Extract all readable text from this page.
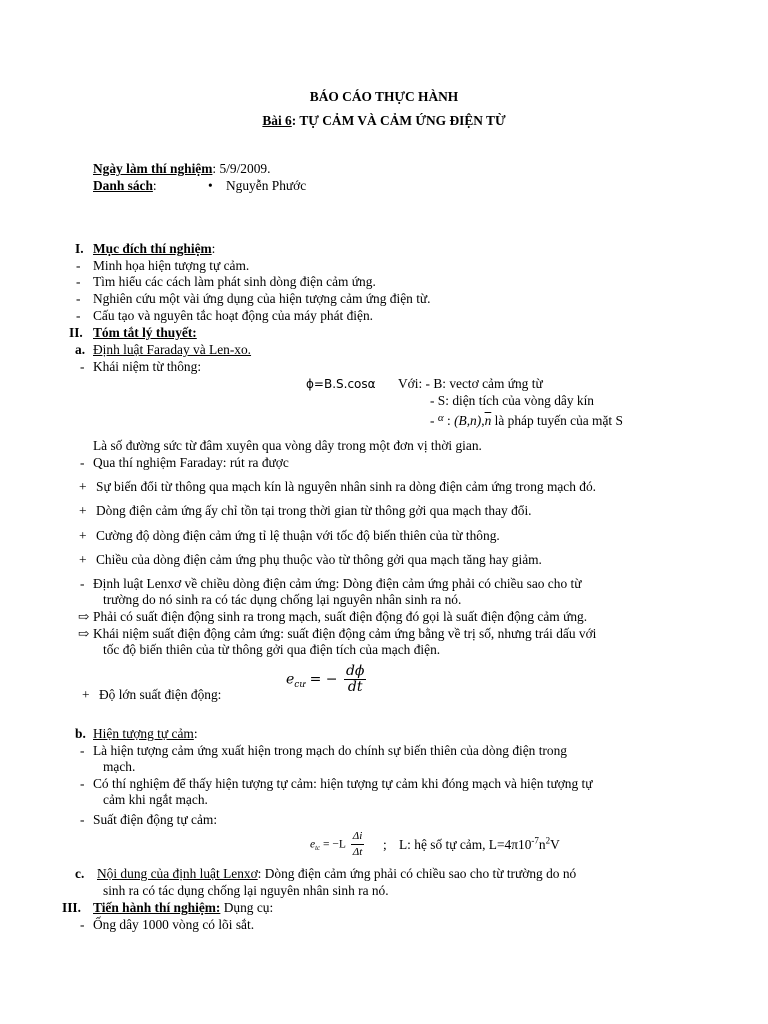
BÁO CÁO THỰC HÀNH
Bài 6: TỰ CẢM VÀ CẢM ỨNG ĐIỆN TỪ
Ngày làm thí nghiệm: 5/9/2009.
Danh sách:	• Nguyễn Phước
I. Mục đích thí nghiệm:
- Minh họa hiện tượng tự cảm.
- Tìm hiểu các cách làm phát sinh dòng điện cảm ứng.
- Nghiên cứu một vài ứng dụng của hiện tượng cảm ứng điện từ.
- Cấu tạo và nguyên tắc hoạt động của máy phát điện.
II. Tóm tắt lý thuyết:
a. Định luật Faraday và Len-xo.
- Khái niệm từ thông:
ϕ=B.S.cosα Với: - B: vectơ cảm ứng từ
- S: diện tích của vòng dây kín
- $^\alpha$ : $(B,n),\overline{n}$ là pháp tuyến của mặt S
Là số đường sức từ đâm xuyên qua vòng dây trong một đơn vị thời gian.
- Qua thí nghiệm Faraday: rút ra được
+ Sự biến đổi từ thông qua mạch kín là nguyên nhân sinh ra dòng điện cảm ứng trong mạch đó.
+ Dòng điện cảm ứng ấy chỉ tồn tại trong thời gian từ thông gởi qua mạch thay đổi.
+ Cường độ dòng điện cảm ứng tỉ lệ thuận với tốc độ biến thiên của từ thông.
+ Chiều của dòng điện cảm ứng phụ thuộc vào từ thông gởi qua mạch tăng hay giảm.
- Định luật Lenxơ về chiều dòng điện cảm ứng: Dòng điện cảm ứng phải có chiều sao cho từ
trường do nó sinh ra có tác dụng chống lại nguyên nhân sinh ra nó.
⇨ Phải có suất điện động sinh ra trong mạch, suất điện động đó gọi là suất điện động cảm ứng.
⇨ Khái niệm suất điện động cảm ứng: suất điện động cảm ứng bằng về trị số, nhưng trái dấu với
tốc độ biến thiên của từ thông gởi qua điện tích của mạch điện.
+ Độ lớn suất điện động:
$e_{cư}$ = − $\frac{d\phi}{dt}$
b. Hiện tượng tự cảm:
- Là hiện tượng cảm ứng xuất hiện trong mạch do chính sự biến thiên của dòng điện trong
mạch.
- Có thí nghiệm để thấy hiện tượng tự cảm: hiện tượng tự cảm khi đóng mạch và hiện tượng tự
cảm khi ngắt mạch.
- Suất điện động tự cảm:
$e_{tc} = -L \frac{\Delta i}{\Delta t}$ ; L: hệ số tự cảm, $L=4\pi 10^{-7}n^2V$
c. Nội dung của định luật Lenxơ: Dòng điện cảm ứng phải có chiều sao cho từ trường do nó
sinh ra có tác dụng chống lại nguyên nhân sinh ra nó.
III. Tiến hành thí nghiệm: Dụng cụ:
- Ống dây 1000 vòng có lõi sắt.
